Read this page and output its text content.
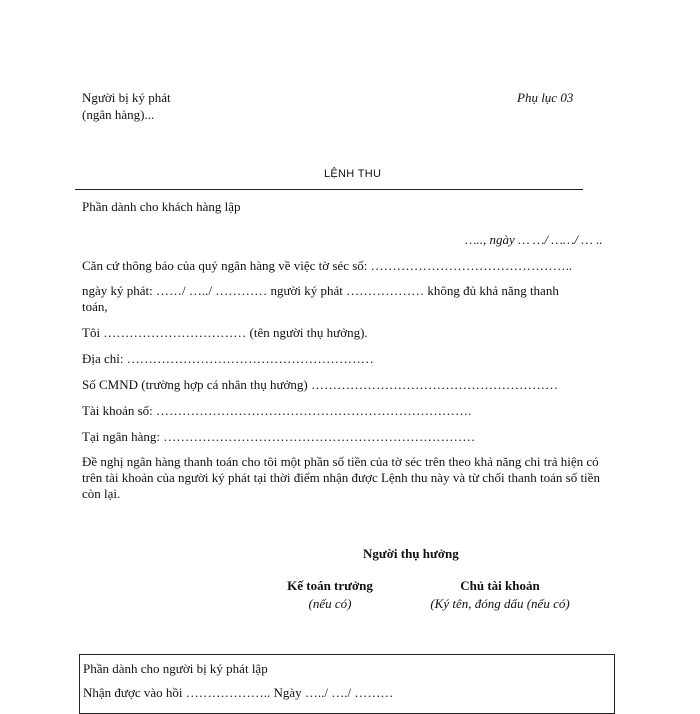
Người bị ký phát
(ngân hàng)...
Phụ lục 03
LỆNH THU
Phần dành cho khách hàng lập
….., ngày … …/ ……/ … ..
Căn cứ thông báo của quý ngân hàng về việc tờ séc số: ………………………………………..
ngày ký phát: ……/ …../ ………… người ký phát ……………… không đủ khả năng thanh
toán,
Tôi …………………………… (tên người thụ hưởng).
Địa chỉ: …………………………………………………
Số CMND (trường hợp cá nhân thụ hưởng) …………………………………………………
Tài khoản số: ……………………………………………………………….
Tại ngân hàng: ………………………………………………………………
Đề nghị ngân hàng thanh toán cho tôi một phần số tiền của tờ séc trên theo khả năng chi trả hiện có trên tài khoản của người ký phát tại thời điểm nhận được Lệnh thu này và từ chối thanh toán số tiền còn lại.
Người thụ hưởng
Kế toán trưởng
(nếu có)
Chủ tài khoản
(Ký tên, đóng dấu (nếu có)
Phần dành cho người bị ký phát lập
Nhận được vào hồi ……………….. Ngày …../ …./ ………
